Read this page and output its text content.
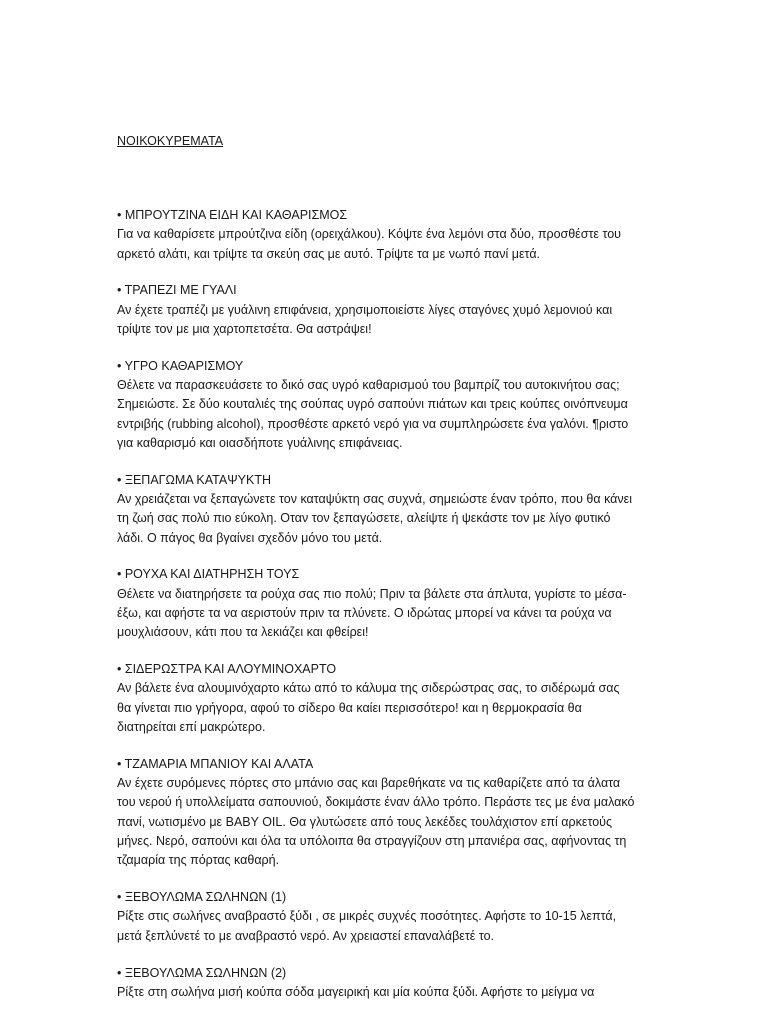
ΝΟΙΚΟΚΥΡΕΜΑΤΑ
• ΜΠΡΟΥΤΖΙΝΑ ΕΙΔΗ ΚΑΙ ΚΑΘΑΡΙΣΜΟΣ
Για να καθαρίσετε μπρούτζινα είδη (ορειχάλκου). Κόψτε ένα λεμόνι στα δύο, προσθέστε του
αρκετό αλάτι, και τρίψτε τα σκεύη σας με αυτό. Τρίψτε τα με νωπό πανί μετά.
• ΤΡΑΠΕΖΙ ΜΕ ΓΥΑΛΙ
Αν έχετε τραπέζι με γυάλινη επιφάνεια, χρησιμοποιείστε λίγες σταγόνες χυμό λεμονιού και
τρίψτε τον με μια χαρτοπετσέτα. Θα αστράψει!
• ΥΓΡΟ ΚΑΘΑΡΙΣΜΟΥ
Θέλετε να παρασκευάσετε το δικό σας υγρό καθαρισμού του βαμπρίζ του αυτοκινήτου σας;
Σημειώστε. Σε δύο κουταλιές της σούπας υγρό σαπούνι πιάτων και τρεις κούπες οινόπνευμα
εντριβής (rubbing alcohol), προσθέστε αρκετό νερό για να συμπληρώσετε ένα γαλόνι. ¶ριστο
για καθαρισμό και οιασδήποτε γυάλινης επιφάνειας.
• ΞΕΠΑΓΩΜΑ ΚΑΤΑΨΥΚΤΗ
Αν χρειάζεται να ξεπαγώνετε τον καταψύκτη σας συχνά, σημειώστε έναν τρόπο, που θα κάνει
τη ζωή σας πολύ πιο εύκολη. Οταν τον ξεπαγώσετε, αλείψτε ή ψεκάστε τον με λίγο φυτικό
λάδι. Ο πάγος θα βγαίνει σχεδόν μόνο του μετά.
• ΡΟΥΧΑ ΚΑΙ ΔΙΑΤΗΡΗΣΗ ΤΟΥΣ
Θέλετε να διατηρήσετε τα ρούχα σας πιο πολύ; Πριν τα βάλετε στα άπλυτα, γυρίστε το μέσα-
έξω, και αφήστε τα να αεριστούν πριν τα πλύνετε. Ο ιδρώτας μπορεί να κάνει τα ρούχα να
μουχλιάσουν, κάτι που τα λεκιάζει και φθείρει!
• ΣΙΔΕΡΩΣΤΡΑ ΚΑΙ ΑΛΟΥΜΙΝΟΧΑΡΤΟ
Αν βάλετε ένα αλουμινόχαρτο κάτω από το κάλυμα της σιδερώστρας σας, το σιδέρωμά σας
θα γίνεται πιο γρήγορα, αφού το σίδερο θα καίει περισσότερο! και η θερμοκρασία θα
διατηρείται επί μακρώτερο.
• ΤΖΑΜΑΡΙΑ ΜΠΑΝΙΟΥ ΚΑΙ ΑΛΑΤΑ
Αν έχετε συρόμενες πόρτες στο μπάνιο σας και βαρεθήκατε να τις καθαρίζετε από τα άλατα
του νερού ή υπολλείματα σαπουνιού, δοκιμάστε έναν άλλο τρόπο. Περάστε τες με ένα μαλακό
πανί, νωτισμένο με BABY OIL. Θα γλυτώσετε από τους λεκέδες τουλάχιστον επί αρκετούς
μήνες. Νερό, σαπούνι και όλα τα υπόλοιπα θα στραγγίζουν στη μπανιέρα σας, αφήνοντας τη
τζαμαρία της πόρτας καθαρή.
• ΞΕΒΟΥΛΩΜΑ ΣΩΛΗΝΩΝ (1)
Ρίξτε στις σωλήνες αναβραστό ξύδι , σε μικρές συχνές ποσότητες. Αφήστε το 10-15 λεπτά,
μετά ξεπλύνετέ το με αναβραστό νερό. Αν χρειαστεί επαναλάβετέ το.
• ΞΕΒΟΥΛΩΜΑ ΣΩΛΗΝΩΝ (2)
Ρίξτε στη σωλήνα μισή κούπα σόδα μαγειρική και μία κούπα ξύδι. Αφήστε το μείγμα να
